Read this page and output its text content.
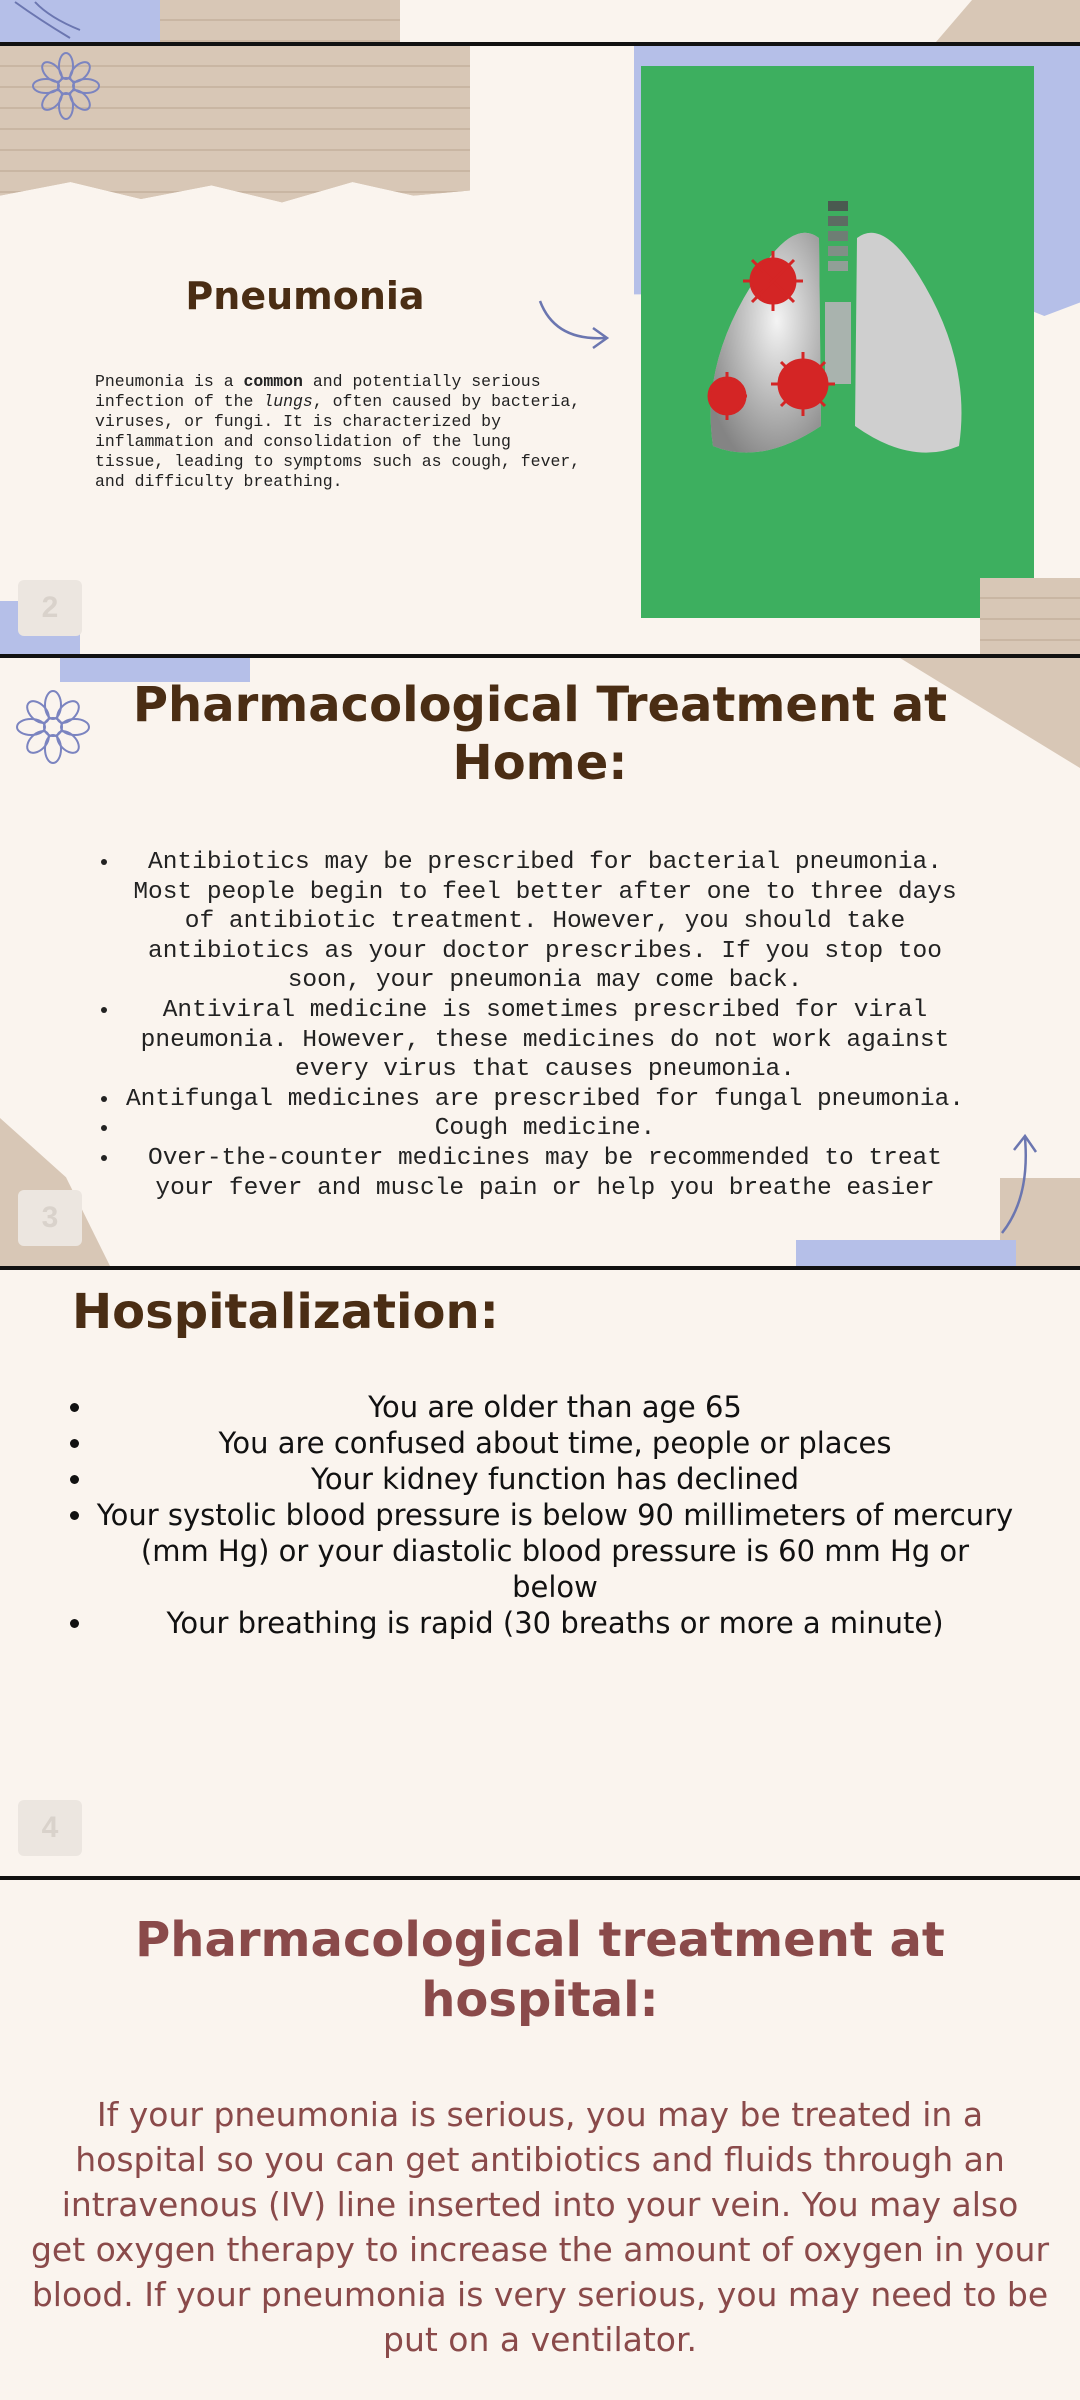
Pneumonia

Pneumonia is a common and potentially serious infection of the lungs, often caused by bacteria, viruses, or fungi. It is characterized by inflammation and consolidation of the lung tissue, leading to symptoms such as cough, fever, and difficulty breathing.

2
Pharmacological Treatment at
Home:
• Antibiotics may be prescribed for bacterial pneumonia. Most people begin to feel better after one to three days of antibiotic treatment. However, you should take antibiotics as your doctor prescribes. If you stop too soon, your pneumonia may come back.
• Antiviral medicine is sometimes prescribed for viral pneumonia. However, these medicines do not work against every virus that causes pneumonia.
• Antifungal medicines are prescribed for fungal pneumonia.
• Cough medicine.
• Over-the-counter medicines may be recommended to treat your fever and muscle pain or help you breathe easier
3
Hospitalization:
• You are older than age 65
• You are confused about time, people or places
• Your kidney function has declined
• Your systolic blood pressure is below 90 millimeters of mercury (mm Hg) or your diastolic blood pressure is 60 mm Hg or below
• Your breathing is rapid (30 breaths or more a minute)
4
Pharmacological treatment at
hospital:

If your pneumonia is serious, you may be treated in a hospital so you can get antibiotics and fluids through an intravenous (IV) line inserted into your vein. You may also get oxygen therapy to increase the amount of oxygen in your blood. If your pneumonia is very serious, you may need to be put on a ventilator.
